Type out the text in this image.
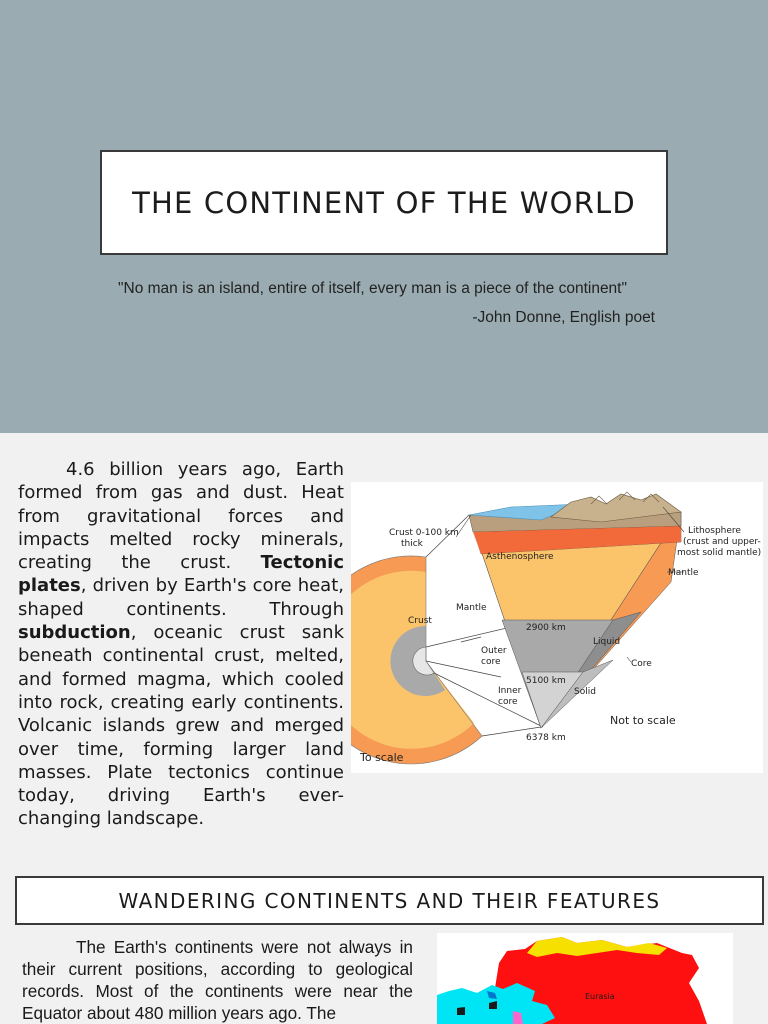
THE CONTINENT OF THE WORLD
"No man is an island, entire of itself, every man is a piece of the continent"
-John Donne, English poet

4.6 billion years ago, Earth formed from gas and dust. Heat from gravitational forces and impacts melted rocky minerals, creating the crust. Tectonic plates, driven by Earth's core heat, shaped continents. Through subduction, oceanic crust sank beneath continental crust, melted, and formed magma, which cooled into rock, creating early continents. Volcanic islands grew and merged over time, forming larger land masses. Plate tectonics continue today, driving Earth's ever-changing landscape.

Crust 0-100 km thick
Asthenosphere
Lithosphere (crust and upper-most solid mantle)
Mantle
Mantle
Crust
2900 km
Liquid
Outer core	Core
5100 km
Inner core
Solid
Not to scale
6378 km
To scale
WANDERING CONTINENTS AND THEIR FEATURES

The Earth's continents were not always in their current positions, according to geological records. Most of the continents were near the Equator about 480 million years ago. The

Eurasia
